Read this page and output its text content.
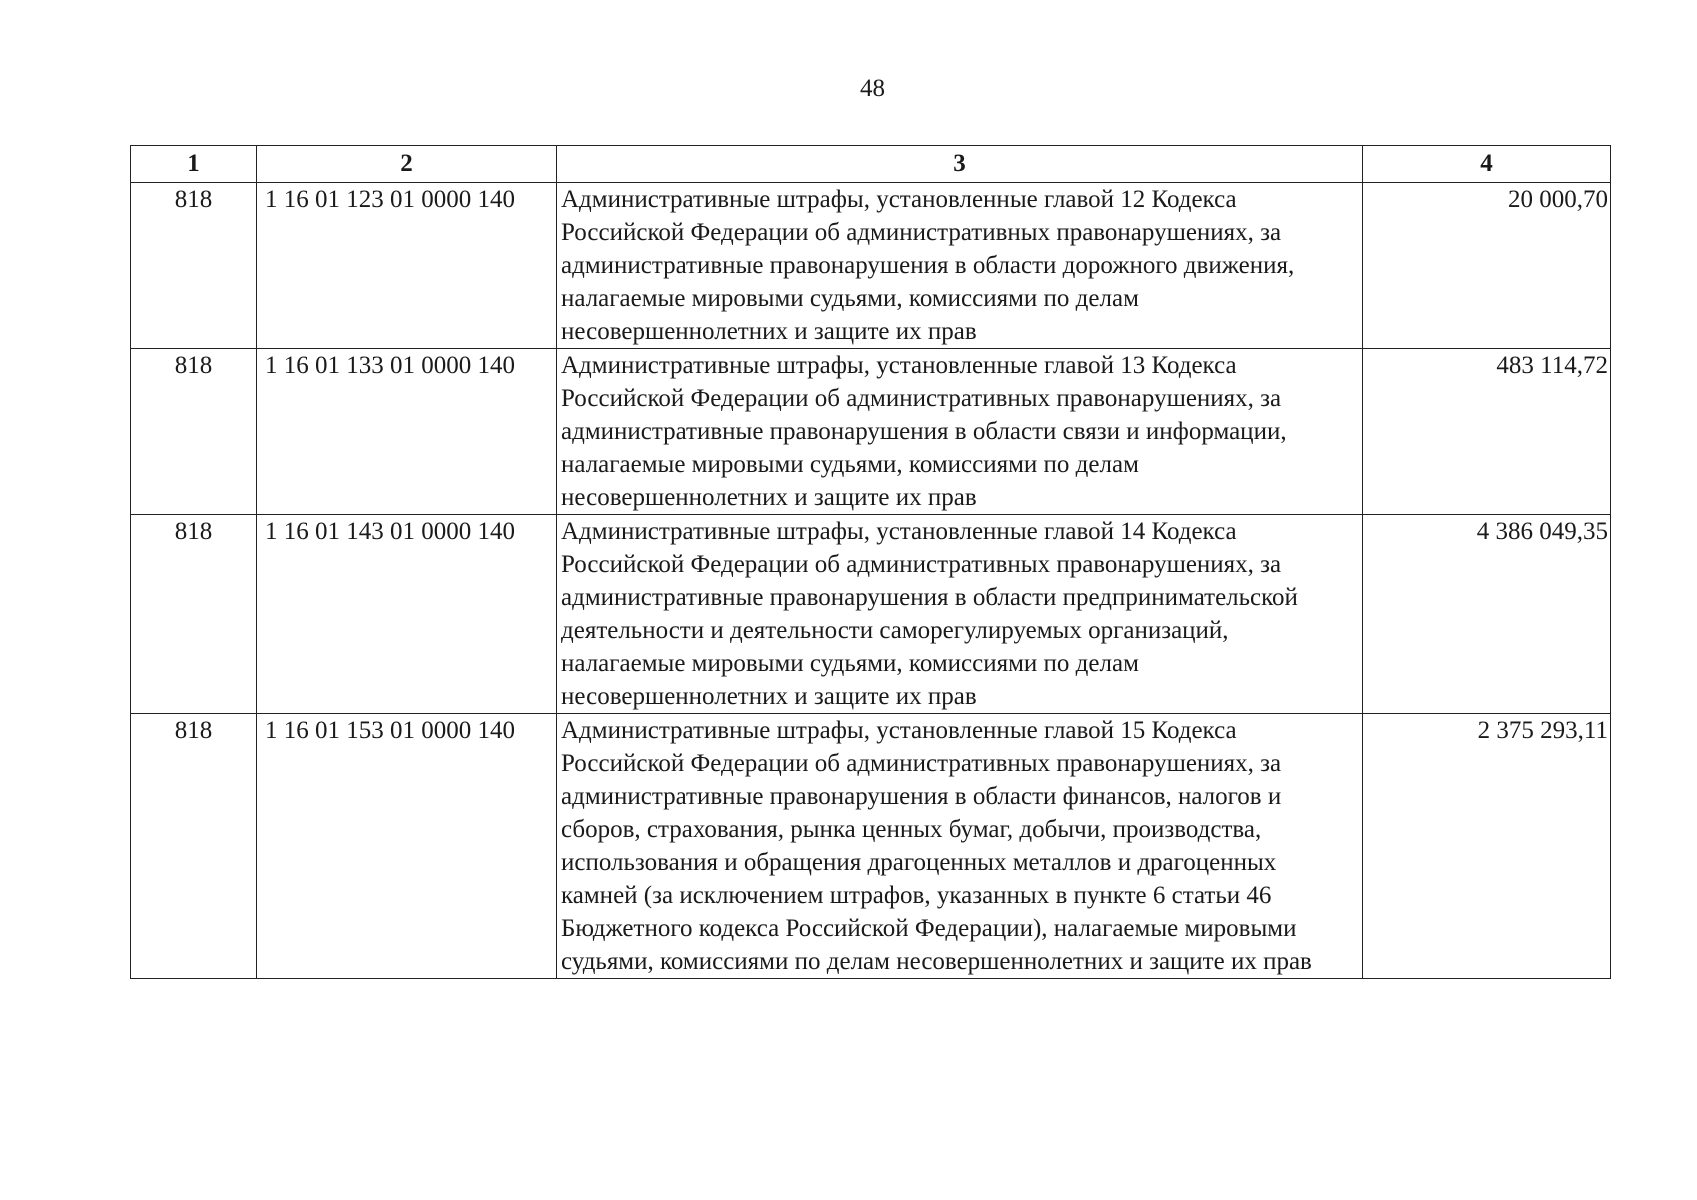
48
1	2	3	4
818	1 16 01 123 01 0000 140	Административные штрафы, установленные главой 12 Кодекса Российской Федерации об административных правонарушениях, за административные правонарушения в области дорожного движения, налагаемые мировыми судьями, комиссиями по делам несовершеннолетних и защите их прав	20 000,70
818	1 16 01 133 01 0000 140	Административные штрафы, установленные главой 13 Кодекса Российской Федерации об административных правонарушениях, за административные правонарушения в области связи и информации, налагаемые мировыми судьями, комиссиями по делам несовершеннолетних и защите их прав	483 114,72
818	1 16 01 143 01 0000 140	Административные штрафы, установленные главой 14 Кодекса Российской Федерации об административных правонарушениях, за административные правонарушения в области предпринимательской деятельности и деятельности саморегулируемых организаций, налагаемые мировыми судьями, комиссиями по делам несовершеннолетних и защите их прав	4 386 049,35
818	1 16 01 153 01 0000 140	Административные штрафы, установленные главой 15 Кодекса Российской Федерации об административных правонарушениях, за административные правонарушения в области финансов, налогов и сборов, страхования, рынка ценных бумаг, добычи, производства, использования и обращения драгоценных металлов и драгоценных камней (за исключением штрафов, указанных в пункте 6 статьи 46 Бюджетного кодекса Российской Федерации), налагаемые мировыми судьями, комиссиями по делам несовершеннолетних и защите их прав	2 375 293,11
